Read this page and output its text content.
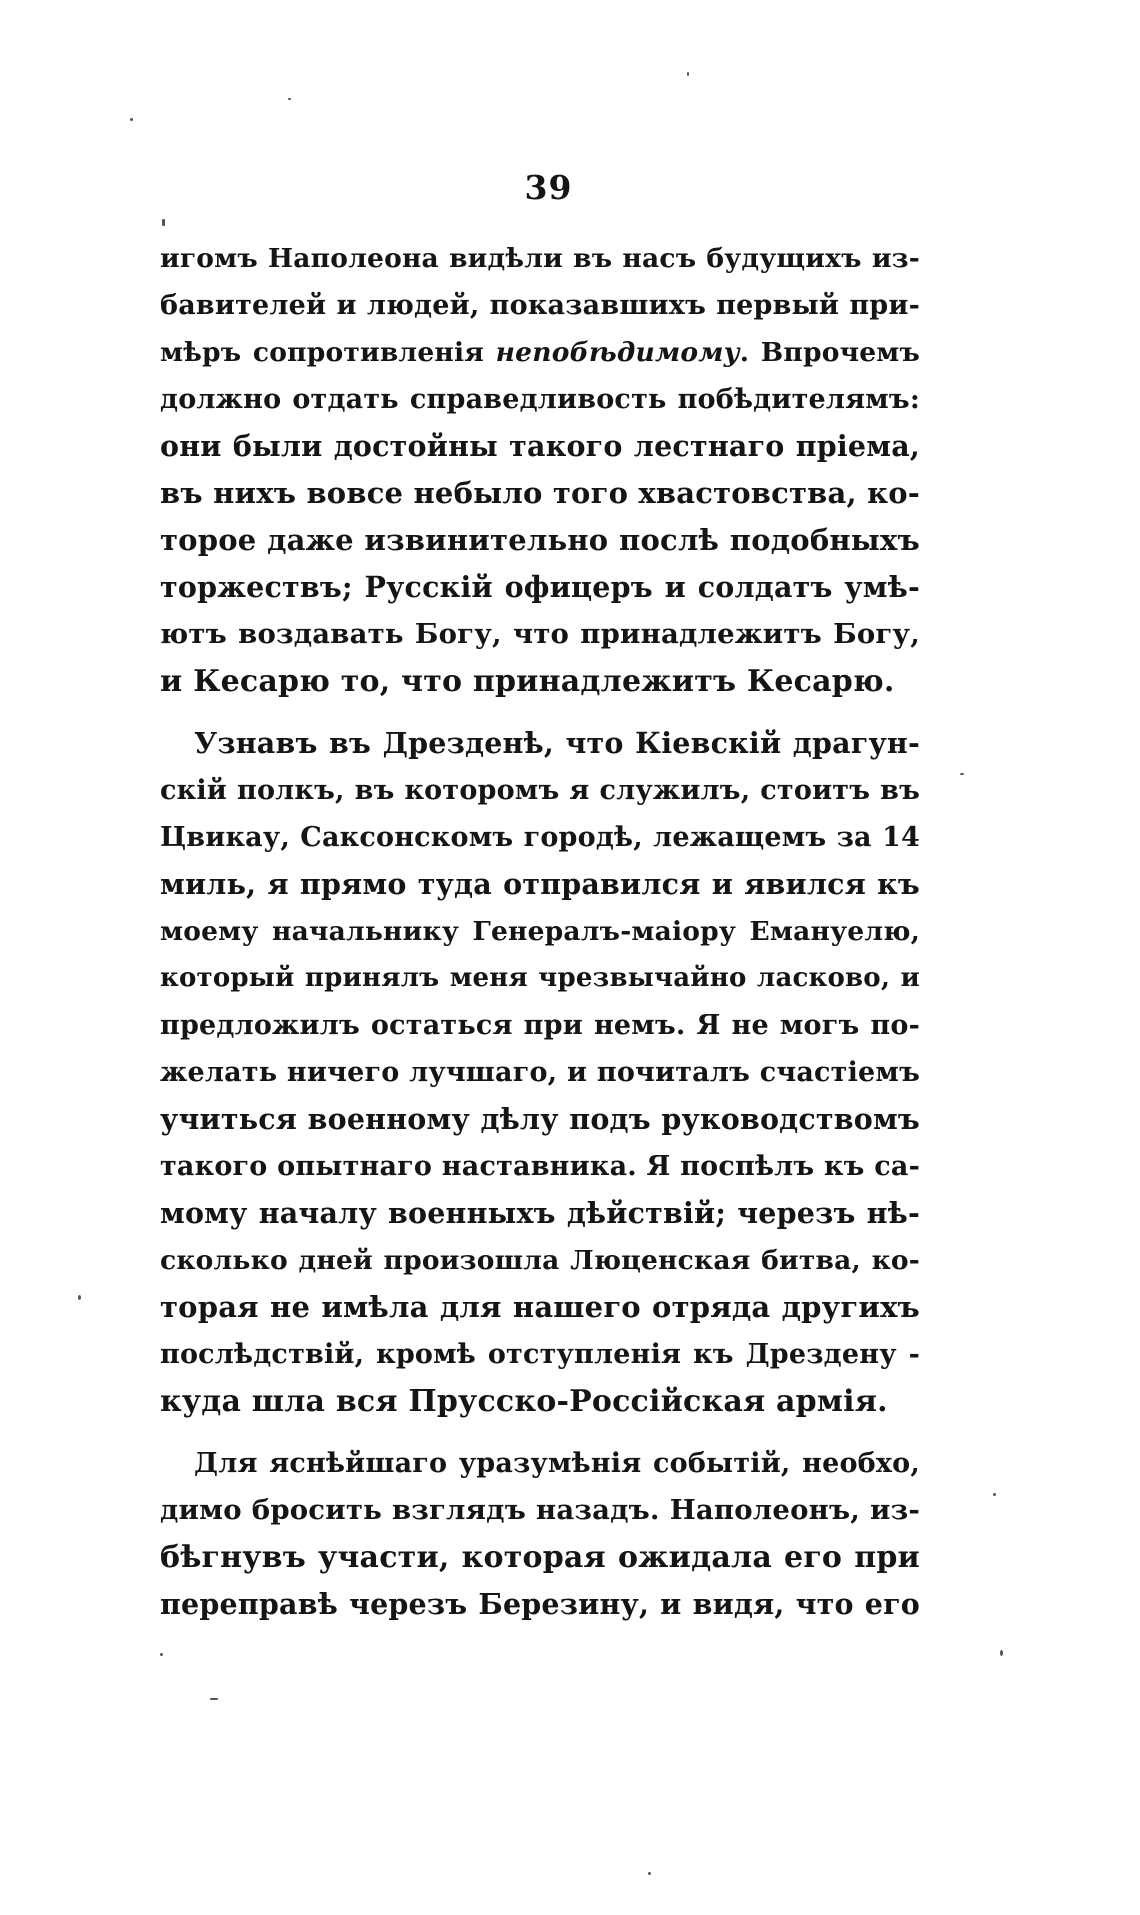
39
игомъ Наполеона видѣли въ насъ будущихъ из-
бавителей и людей, показавшихъ первый при-
мѣръ сопротивленія непобѣдимому. Впрочемъ
должно отдать справедливость побѣдителямъ:
они были достойны такого лестнаго пріема,
въ нихъ вовсе небыло того хвастовства, ко-
торое даже извинительно послѣ подобныхъ
торжествъ; Русскій офицеръ и солдатъ умѣ-
ютъ воздавать Богу, что принадлежитъ Богу,
и Кесарю то, что принадлежитъ Кесарю.
Узнавъ въ Дрезденѣ, что Кіевскій драгун-
скій полкъ, въ которомъ я служилъ, стоитъ въ
Цвикау, Саксонскомъ городѣ, лежащемъ за 14
миль, я прямо туда отправился и явился къ
моему начальнику Генералъ-маіору Емануелю,
который принялъ меня чрезвычайно ласково, и
предложилъ остаться при немъ. Я не могъ по-
желать ничего лучшаго, и почиталъ счастіемъ
учиться военному дѣлу подъ руководствомъ
такого опытнаго наставника. Я поспѣлъ къ са-
мому началу военныхъ дѣйствій; черезъ нѣ-
сколько дней произошла Люценская битва, ко-
торая не имѣла для нашего отряда другихъ
послѣдствій, кромѣ отступленія къ Дрездену -
куда шла вся Прусско-Россійская армія.
Для яснѣйшаго уразумѣнія событій, необхо,
димо бросить взглядъ назадъ. Наполеонъ, из-
бѣгнувъ участи, которая ожидала его при
переправѣ черезъ Березину, и видя, что его
